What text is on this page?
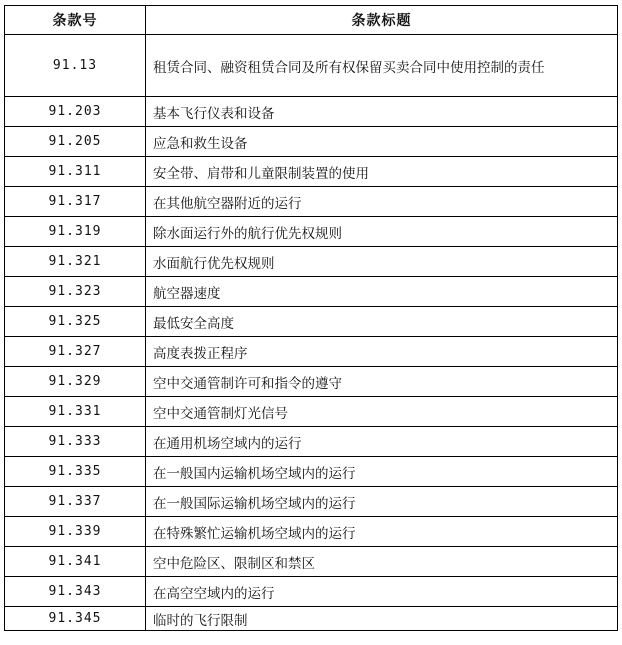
条款号	条款标题
91.13	租赁合同、融资租赁合同及所有权保留买卖合同中使用控制的责任
91.203	基本飞行仪表和设备
91.205	应急和救生设备
91.311	安全带、肩带和儿童限制装置的使用
91.317	在其他航空器附近的运行
91.319	除水面运行外的航行优先权规则
91.321	水面航行优先权规则
91.323	航空器速度
91.325	最低安全高度
91.327	高度表拨正程序
91.329	空中交通管制许可和指令的遵守
91.331	空中交通管制灯光信号
91.333	在通用机场空域内的运行
91.335	在一般国内运输机场空域内的运行
91.337	在一般国际运输机场空域内的运行
91.339	在特殊繁忙运输机场空域内的运行
91.341	空中危险区、限制区和禁区
91.343	在高空空域内的运行
91.345	临时的飞行限制
